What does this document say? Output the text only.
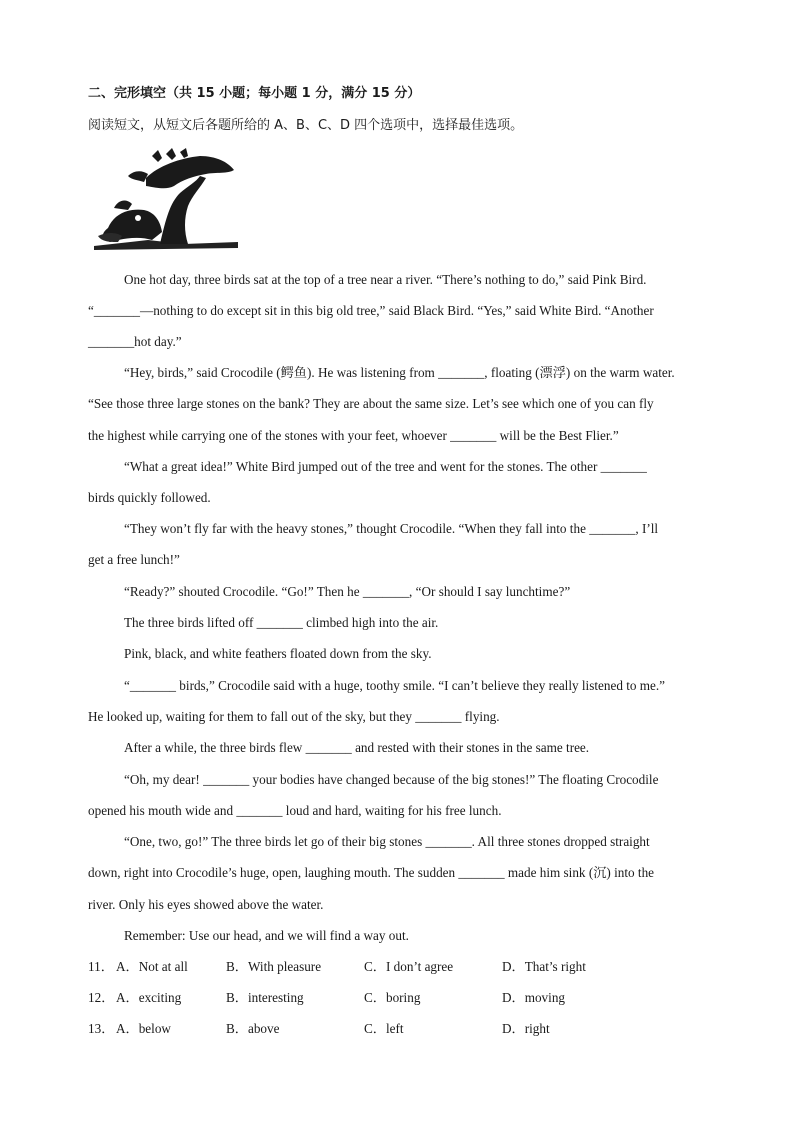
二、完形填空（共 15 小题；每小题 1 分，满分 15 分）
阅读短文，从短文后各题所给的 A、B、C、D 四个选项中，选择最佳选项。
One hot day, three birds sat at the top of a tree near a river. “There’s nothing to do,” said Pink Bird.
“_______—nothing to do except sit in this big old tree,” said Black Bird. “Yes,” said White Bird. “Another
_______hot day.”
“Hey, birds,” said Crocodile (鳄鱼). He was listening from _______, floating (漂浮) on the warm water.
“See those three large stones on the bank? They are about the same size. Let’s see which one of you can fly
the highest while carrying one of the stones with your feet, whoever _______ will be the Best Flier.”
“What a great idea!” White Bird jumped out of the tree and went for the stones. The other _______
birds quickly followed.
“They won’t fly far with the heavy stones,” thought Crocodile. “When they fall into the _______, I’ll
get a free lunch!”
“Ready?” shouted Crocodile. “Go!” Then he _______, “Or should I say lunchtime?”
The three birds lifted off _______ climbed high into the air.
Pink, black, and white feathers floated down from the sky.
“_______ birds,” Crocodile said with a huge, toothy smile. “I can’t believe they really listened to me.”
He looked up, waiting for them to fall out of the sky, but they _______ flying.
After a while, the three birds flew _______ and rested with their stones in the same tree.
“Oh, my dear! _______ your bodies have changed because of the big stones!” The floating Crocodile
opened his mouth wide and _______ loud and hard, waiting for his free lunch.
“One, two, go!” The three birds let go of their big stones _______. All three stones dropped straight
down, right into Crocodile’s huge, open, laughing mouth. The sudden _______ made him sink (沉) into the
river. Only his eyes showed above the water.
Remember: Use our head, and we will find a way out.
11． A．Not at all	B．With pleasure	C．I don’t agree	D．That’s right
12． A．exciting	B．interesting	C．boring	D．moving
13． A．below	B．above	C．left	D．right
